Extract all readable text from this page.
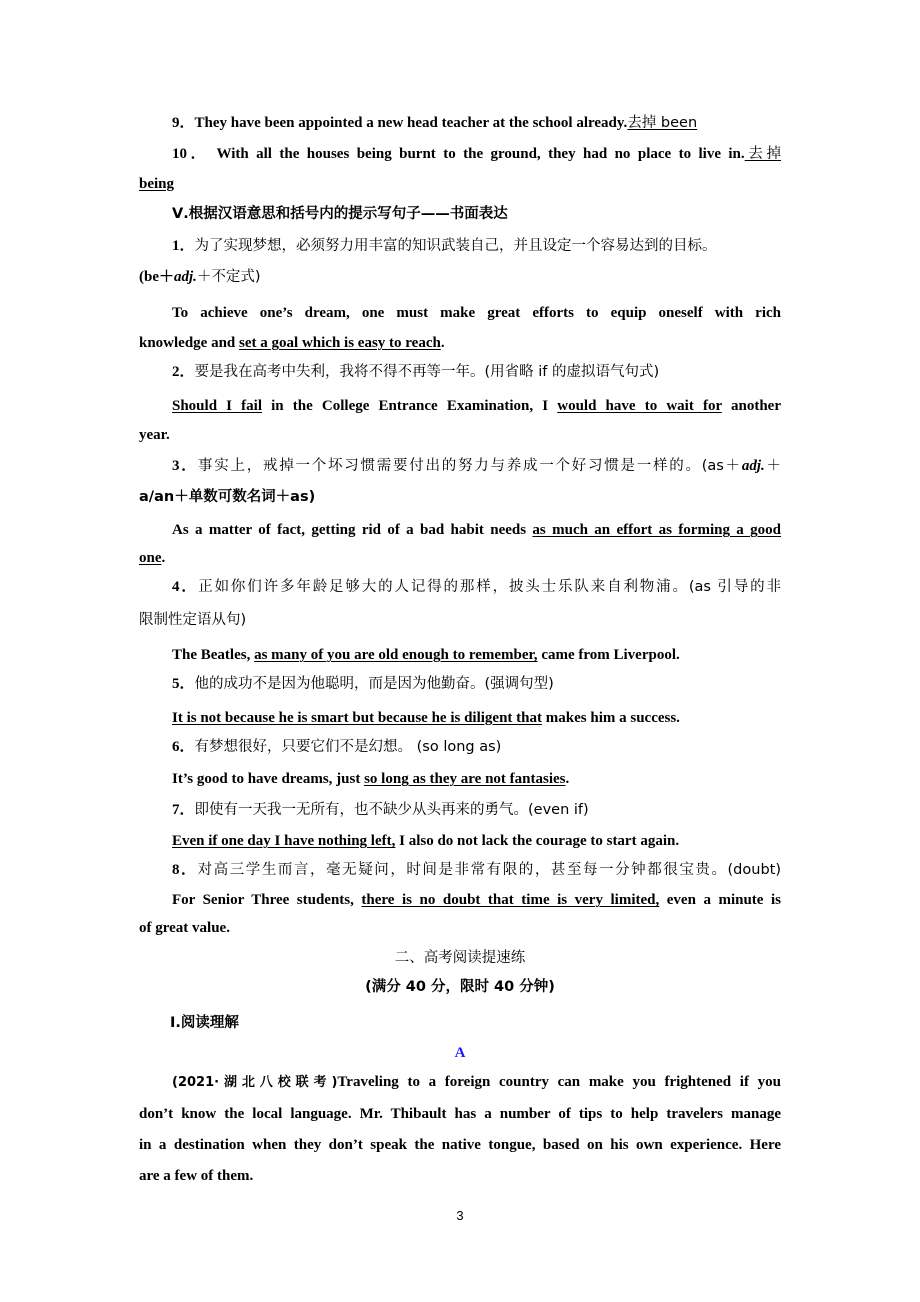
9．They have been appointed a new head teacher at the school already.去掉 been
10． With all the houses being burnt to the ground, they had no place to live in.去掉
being
Ⅴ.根据汉语意思和括号内的提示写句子——书面表达
1．为了实现梦想，必须努力用丰富的知识武装自己，并且设定一个容易达到的目标。
(be＋adj.＋不定式)
To achieve one’s dream, one must make great efforts to equip oneself with rich
knowledge and set a goal which is easy to reach.
2．要是我在高考中失利，我将不得不再等一年。(用省略 if 的虚拟语气句式)
Should I fail in the College Entrance Examination, I would have to wait for another
year.
3．事实上，戒掉一个坏习惯需要付出的努力与养成一个好习惯是一样的。(as＋adj.＋
a/an＋单数可数名词＋as)
As a matter of fact, getting rid of a bad habit needs as much an effort as forming a good
one.
4．正如你们许多年龄足够大的人记得的那样，披头士乐队来自利物浦。(as 引导的非
限制性定语从句)
The Beatles, as many of you are old enough to remember, came from Liverpool.
5．他的成功不是因为他聪明，而是因为他勤奋。(强调句型)
It is not because he is smart but because he is diligent that makes him a success.
6．有梦想很好，只要它们不是幻想。 (so long as)
It’s good to have dreams, just so long as they are not fantasies.
7．即使有一天我一无所有，也不缺少从头再来的勇气。(even if)
Even if one day I have nothing left, I also do not lack the courage to start again.
8．对高三学生而言，毫无疑问，时间是非常有限的，甚至每一分钟都很宝贵。(doubt)
For Senior Three students, there is no doubt that time is very limited, even a minute is
of great value.
二、高考阅读提速练
(满分 40 分，限时 40 分钟)
Ⅰ.阅读理解
A
(2021·湖北八校联考)Traveling to a foreign country can make you frightened if you
don’t know the local language. Mr. Thibault has a number of tips to help travelers manage
in a destination when they don’t speak the native tongue, based on his own experience. Here
are a few of them.
3
